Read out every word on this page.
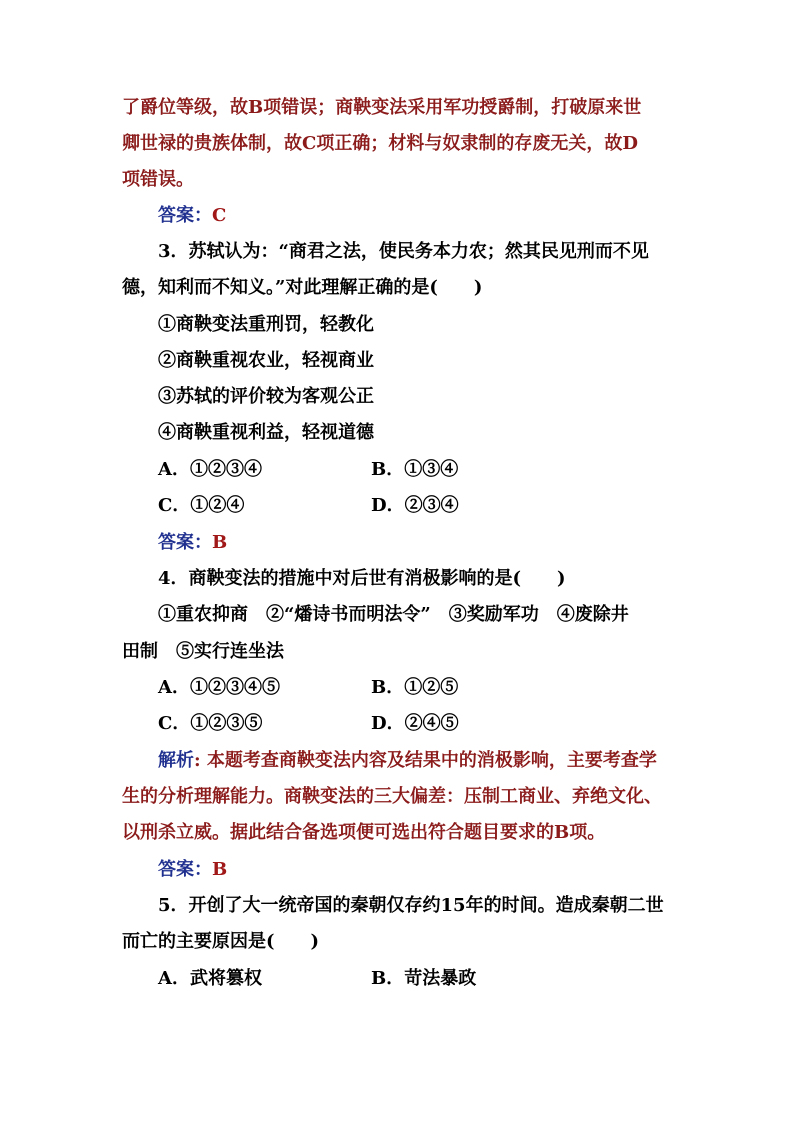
了爵位等级，故B项错误；商鞅变法采用军功授爵制，打破原来世
卿世禄的贵族体制，故C项正确；材料与奴隶制的存废无关，故D
项错误。
答案：C
3．苏轼认为：“商君之法，使民务本力农；然其民见刑而不见
德，知利而不知义。”对此理解正确的是(　　)
①商鞅变法重刑罚，轻教化
②商鞅重视农业，轻视商业
③苏轼的评价较为客观公正
④商鞅重视利益，轻视道德
A．①②③④	B．①③④
C．①②④	D．②③④
答案：B
4．商鞅变法的措施中对后世有消极影响的是(　　)
①重农抑商　②“燔诗书而明法令”　③奖励军功　④废除井
田制　⑤实行连坐法
A．①②③④⑤	B．①②⑤
C．①②③⑤	D．②④⑤
解析: 本题考查商鞅变法内容及结果中的消极影响，主要考查学
生的分析理解能力。商鞅变法的三大偏差：压制工商业、弃绝文化、
以刑杀立威。据此结合备选项便可选出符合题目要求的B项。
答案：B
5．开创了大一统帝国的秦朝仅存约15年的时间。造成秦朝二世
而亡的主要原因是(　　)
A．武将篡权	B．苛法暴政
